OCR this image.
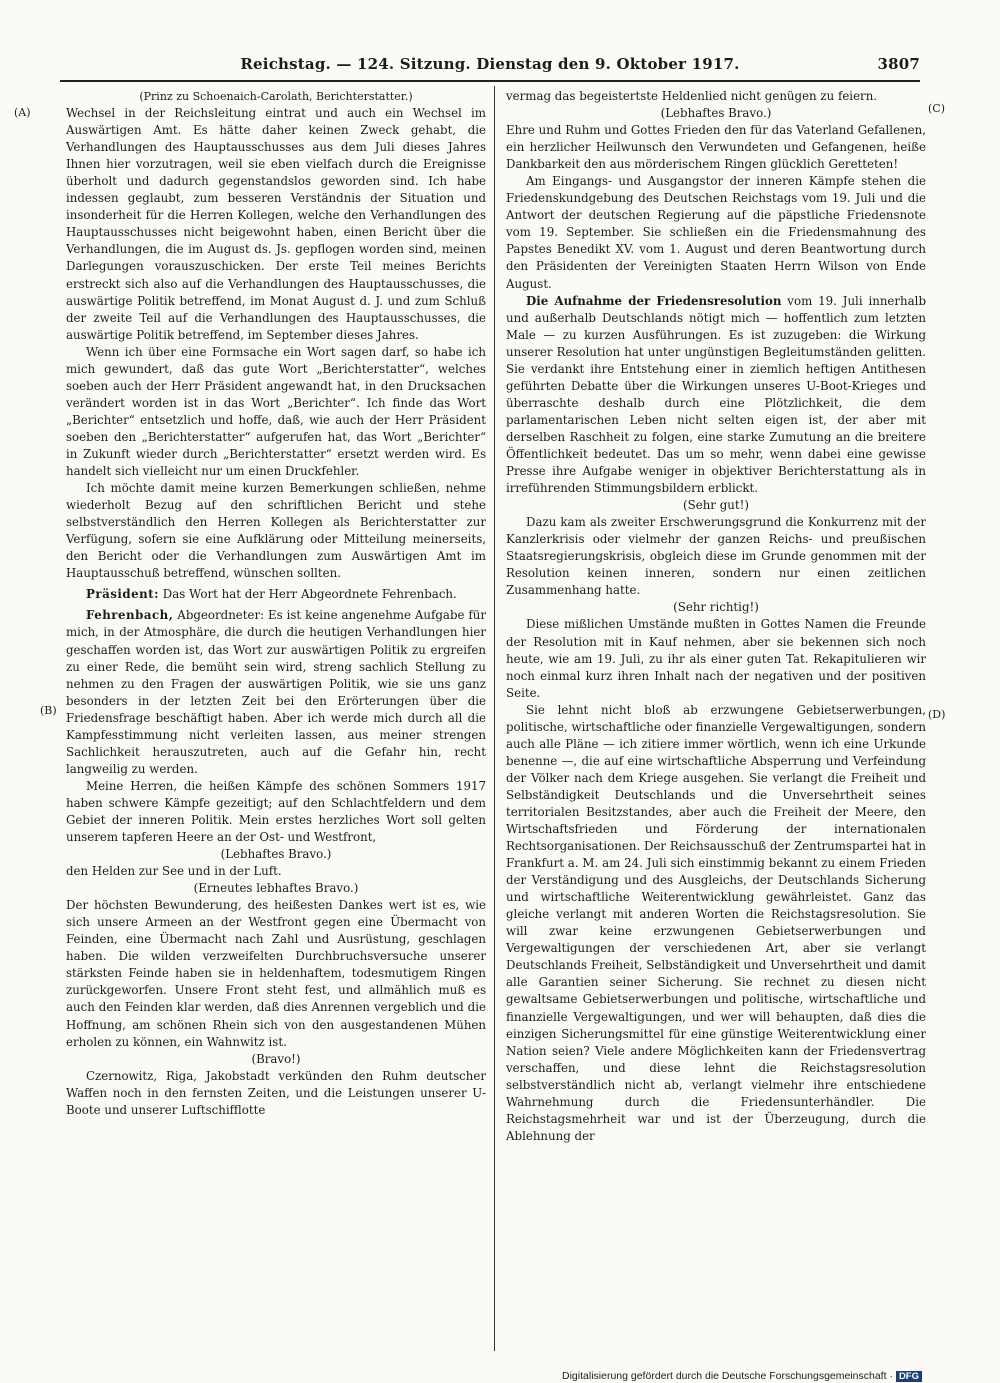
Reichstag. — 124. Sitzung. Dienstag den 9. Oktober 1917.	3807
(A)
(B)
(C)
(D)

(Prinz zu Schoenaich-Carolath, Berichterstatter.)

Wechsel in der Reichsleitung eintrat und auch ein Wechsel im Auswärtigen Amt. Es hätte daher keinen Zweck gehabt, die Verhandlungen des Hauptausschusses aus dem Juli dieses Jahres Ihnen hier vorzutragen, weil sie eben vielfach durch die Ereignisse überholt und dadurch gegenstandslos geworden sind. Ich habe indessen geglaubt, zum besseren Verständnis der Situation und insonderheit für die Herren Kollegen, welche den Verhandlungen des Hauptausschusses nicht beigewohnt haben, einen Bericht über die Verhandlungen, die im August ds. Js. gepflogen worden sind, meinen Darlegungen vorauszuschicken. Der erste Teil meines Berichts erstreckt sich also auf die Verhandlungen des Hauptausschusses, die auswärtige Politik betreffend, im Monat August d. J. und zum Schluß der zweite Teil auf die Verhandlungen des Hauptausschusses, die auswärtige Politik betreffend, im September dieses Jahres.

Wenn ich über eine Formsache ein Wort sagen darf, so habe ich mich gewundert, daß das gute Wort „Berichterstatter“, welches soeben auch der Herr Präsident angewandt hat, in den Drucksachen verändert worden ist in das Wort „Berichter“. Ich finde das Wort „Berichter“ entsetzlich und hoffe, daß, wie auch der Herr Präsident soeben den „Berichterstatter“ aufgerufen hat, das Wort „Berichter“ in Zukunft wieder durch „Berichterstatter“ ersetzt werden wird. Es handelt sich vielleicht nur um einen Druckfehler.

Ich möchte damit meine kurzen Bemerkungen schließen, nehme wiederholt Bezug auf den schriftlichen Bericht und stehe selbstverständlich den Herren Kollegen als Berichterstatter zur Verfügung, sofern sie eine Aufklärung oder Mitteilung meinerseits, den Bericht oder die Verhandlungen zum Auswärtigen Amt im Hauptausschuß betreffend, wünschen sollten.

Präsident: Das Wort hat der Herr Abgeordnete Fehrenbach.

Fehrenbach, Abgeordneter: Es ist keine angenehme Aufgabe für mich, in der Atmosphäre, die durch die heutigen Verhandlungen hier geschaffen worden ist, das Wort zur auswärtigen Politik zu ergreifen zu einer Rede, die bemüht sein wird, streng sachlich Stellung zu nehmen zu den Fragen der auswärtigen Politik, wie sie uns ganz besonders in der letzten Zeit bei den Erörterungen über die Friedensfrage beschäftigt haben. Aber ich werde mich durch all die Kampfesstimmung nicht verleiten lassen, aus meiner strengen Sachlichkeit herauszutreten, auch auf die Gefahr hin, recht langweilig zu werden.

Meine Herren, die heißen Kämpfe des schönen Sommers 1917 haben schwere Kämpfe gezeitigt; auf den Schlachtfeldern und dem Gebiet der inneren Politik. Mein erstes herzliches Wort soll gelten unserem tapferen Heere an der Ost- und Westfront,

(Lebhaftes Bravo.)

den Helden zur See und in der Luft.

(Erneutes lebhaftes Bravo.)

Der höchsten Bewunderung, des heißesten Dankes wert ist es, wie sich unsere Armeen an der Westfront gegen eine Übermacht von Feinden, eine Übermacht nach Zahl und Ausrüstung, geschlagen haben. Die wilden verzweifelten Durchbruchsversuche unserer stärksten Feinde haben sie in heldenhaftem, todesmutigem Ringen zurückgeworfen. Unsere Front steht fest, und allmählich muß es auch den Feinden klar werden, daß dies Anrennen vergeblich und die Hoffnung, am schönen Rhein sich von den ausgestandenen Mühen erholen zu können, ein Wahnwitz ist.

(Bravo!)

Czernowitz, Riga, Jakobstadt verkünden den Ruhm deutscher Waffen noch in den fernsten Zeiten, und die Leistungen unserer U-Boote und unserer Luftschifflotte

vermag das begeistertste Heldenlied nicht genügen zu feiern.

(Lebhaftes Bravo.)

Ehre und Ruhm und Gottes Frieden den für das Vaterland Gefallenen, ein herzlicher Heilwunsch den Verwundeten und Gefangenen, heiße Dankbarkeit den aus mörderischem Ringen glücklich Geretteten!

Am Eingangs- und Ausgangstor der inneren Kämpfe stehen die Friedenskundgebung des Deutschen Reichstags vom 19. Juli und die Antwort der deutschen Regierung auf die päpstliche Friedensnote vom 19. September. Sie schließen ein die Friedensmahnung des Papstes Benedikt XV. vom 1. August und deren Beantwortung durch den Präsidenten der Vereinigten Staaten Herrn Wilson von Ende August.

Die Aufnahme der Friedensresolution vom 19. Juli innerhalb und außerhalb Deutschlands nötigt mich — hoffentlich zum letzten Male — zu kurzen Ausführungen. Es ist zuzugeben: die Wirkung unserer Resolution hat unter ungünstigen Begleitumständen gelitten. Sie verdankt ihre Entstehung einer in ziemlich heftigen Antithesen geführten Debatte über die Wirkungen unseres U-Boot-Krieges und überraschte deshalb durch eine Plötzlichkeit, die dem parlamentarischen Leben nicht selten eigen ist, der aber mit derselben Raschheit zu folgen, eine starke Zumutung an die breitere Öffentlichkeit bedeutet. Das um so mehr, wenn dabei eine gewisse Presse ihre Aufgabe weniger in objektiver Berichterstattung als in irreführenden Stimmungsbildern erblickt.

(Sehr gut!)

Dazu kam als zweiter Erschwerungsgrund die Konkurrenz mit der Kanzlerkrisis oder vielmehr der ganzen Reichs- und preußischen Staatsregierungskrisis, obgleich diese im Grunde genommen mit der Resolution keinen inneren, sondern nur einen zeitlichen Zusammenhang hatte.

(Sehr richtig!)

Diese mißlichen Umstände mußten in Gottes Namen die Freunde der Resolution mit in Kauf nehmen, aber sie bekennen sich noch heute, wie am 19. Juli, zu ihr als einer guten Tat. Rekapitulieren wir noch einmal kurz ihren Inhalt nach der negativen und der positiven Seite.

Sie lehnt nicht bloß ab erzwungene Gebietserwerbungen, politische, wirtschaftliche oder finanzielle Vergewaltigungen, sondern auch alle Pläne — ich zitiere immer wörtlich, wenn ich eine Urkunde benenne —, die auf eine wirtschaftliche Absperrung und Verfeindung der Völker nach dem Kriege ausgehen. Sie verlangt die Freiheit und Selbständigkeit Deutschlands und die Unversehrtheit seines territorialen Besitzstandes, aber auch die Freiheit der Meere, den Wirtschaftsfrieden und Förderung der internationalen Rechtsorganisationen. Der Reichsausschuß der Zentrumspartei hat in Frankfurt a. M. am 24. Juli sich einstimmig bekannt zu einem Frieden der Verständigung und des Ausgleichs, der Deutschlands Sicherung und wirtschaftliche Weiterentwicklung gewährleistet. Ganz das gleiche verlangt mit anderen Worten die Reichstagsresolution. Sie will zwar keine erzwungenen Gebietserwerbungen und Vergewaltigungen der verschiedenen Art, aber sie verlangt Deutschlands Freiheit, Selbständigkeit und Unversehrtheit und damit alle Garantien seiner Sicherung. Sie rechnet zu diesen nicht gewaltsame Gebietserwerbungen und politische, wirtschaftliche und finanzielle Vergewaltigungen, und wer will behaupten, daß dies die einzigen Sicherungsmittel für eine günstige Weiterentwicklung einer Nation seien? Viele andere Möglichkeiten kann der Friedensvertrag verschaffen, und diese lehnt die Reichstagsresolution selbstverständlich nicht ab, verlangt vielmehr ihre entschiedene Wahrnehmung durch die Friedensunterhändler. Die Reichstagsmehrheit war und ist der Überzeugung, durch die Ablehnung der

Digitalisierung gefördert durch die Deutsche Forschungsgemeinschaft · DFG
